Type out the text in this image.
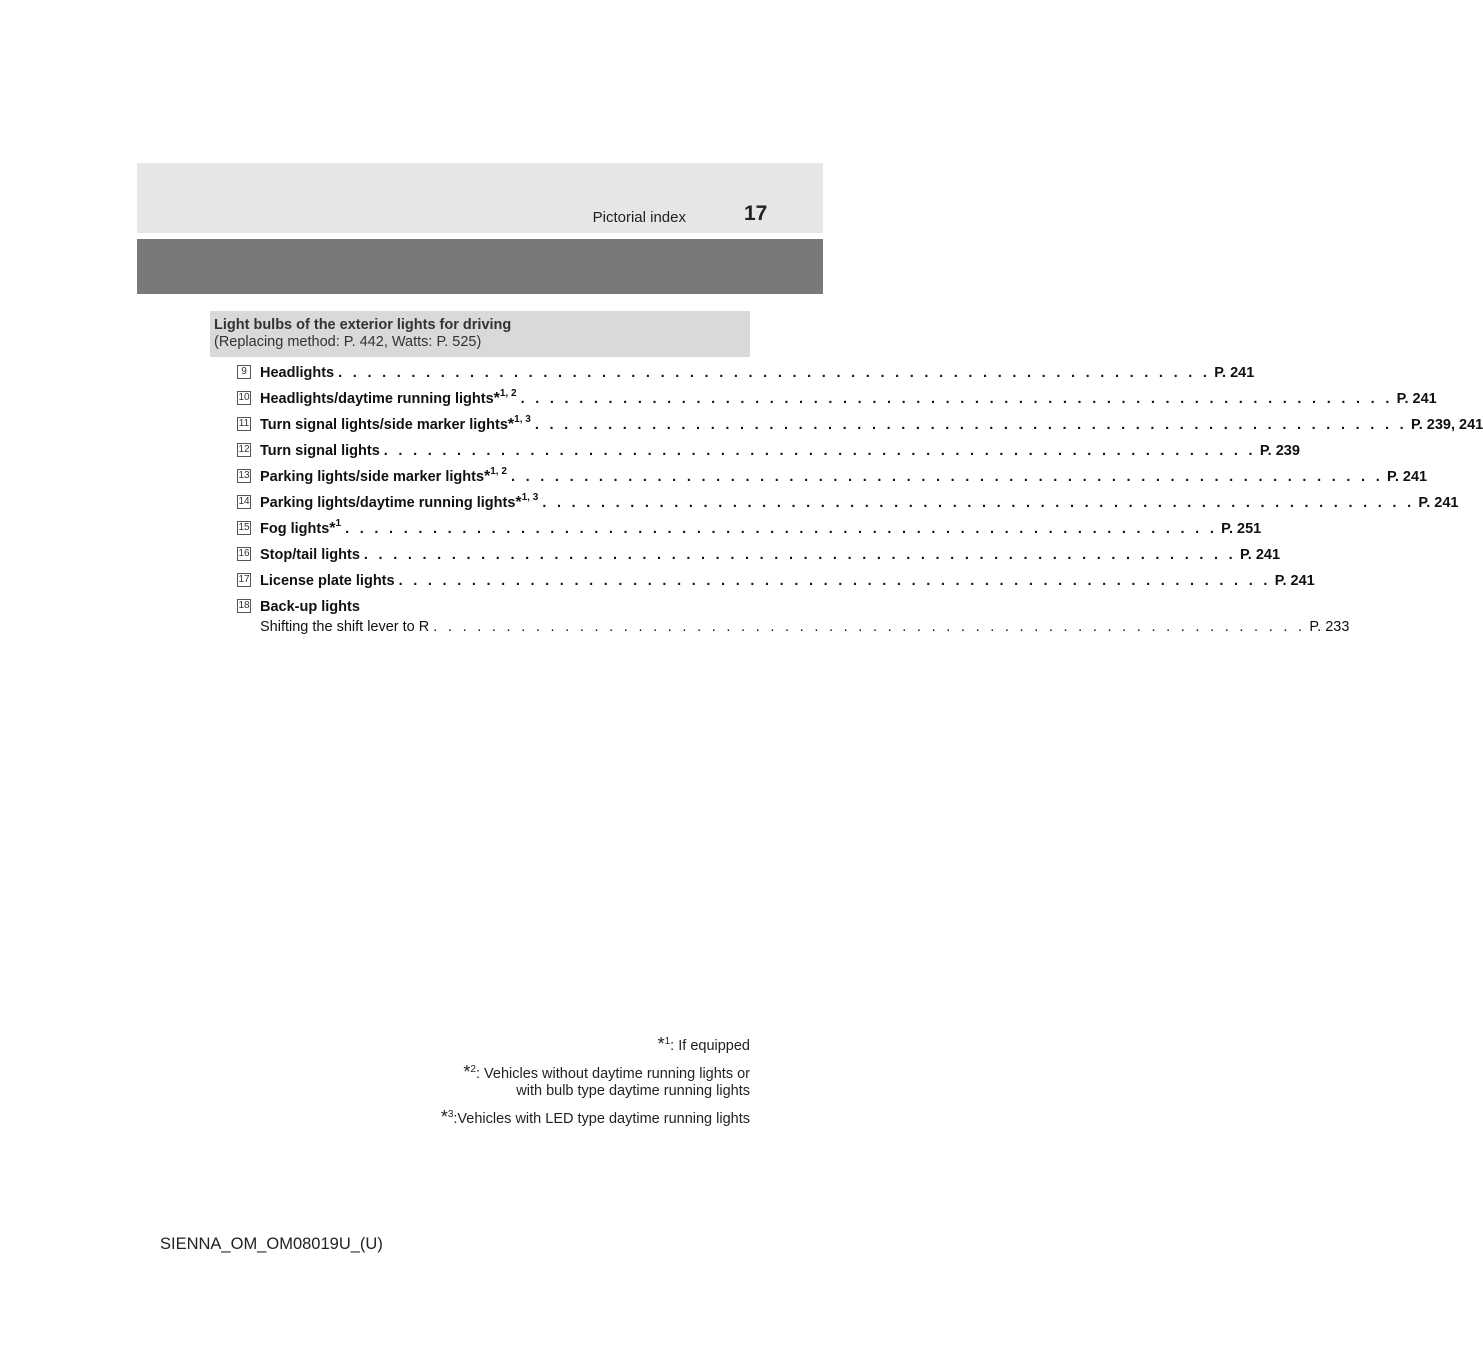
Pictorial index	17
Light bulbs of the exterior lights for driving
(Replacing method: P. 442, Watts: P. 525)
9 Headlights . . . . . . . . . . . . . . . . . . . . . . . . . . . . . . . . . . . . . . . . . . . . . . . . . . . . . . . . . . . . P. 241
10 Headlights/daytime running lights*$^{1, 2}$ . . . . . . . . . . . . . . . . . . . . . . . . . . . . . . . . . . . . . . . . . . . . . . . . . . . . . . . . . . . . P. 241
11 Turn signal lights/side marker lights*$^{1, 3}$ . . . . . . . . . . . . . . . . . . . . . . . . . . . . . . . . . . . . . . . . . . . . . . . . . . . . . . . . . . . . P. 239, 241
12 Turn signal lights . . . . . . . . . . . . . . . . . . . . . . . . . . . . . . . . . . . . . . . . . . . . . . . . . . . . . . . . . . . . P. 239
13 Parking lights/side marker lights*$^{1, 2}$ . . . . . . . . . . . . . . . . . . . . . . . . . . . . . . . . . . . . . . . . . . . . . . . . . . . . . . . . . . . . P. 241
14 Parking lights/daytime running lights*$^{1, 3}$ . . . . . . . . . . . . . . . . . . . . . . . . . . . . . . . . . . . . . . . . . . . . . . . . . . . . . . . . . . . . P. 241
15 Fog lights*$^1$ . . . . . . . . . . . . . . . . . . . . . . . . . . . . . . . . . . . . . . . . . . . . . . . . . . . . . . . . . . . . P. 251
16 Stop/tail lights . . . . . . . . . . . . . . . . . . . . . . . . . . . . . . . . . . . . . . . . . . . . . . . . . . . . . . . . . . . . P. 241
17 License plate lights . . . . . . . . . . . . . . . . . . . . . . . . . . . . . . . . . . . . . . . . . . . . . . . . . . . . . . . . . . . . P. 241
18 Back-up lights
Shifting the shift lever to R . . . . . . . . . . . . . . . . . . . . . . . . . . . . . . . . . . . . . . . . . . . . . . . . . . . . . . . . . . . . P. 233
*$^1$: If equipped
*$^2$: Vehicles without daytime running lights or
with bulb type daytime running lights
*$^3$:Vehicles with LED type daytime running lights
SIENNA_OM_OM08019U_(U)
